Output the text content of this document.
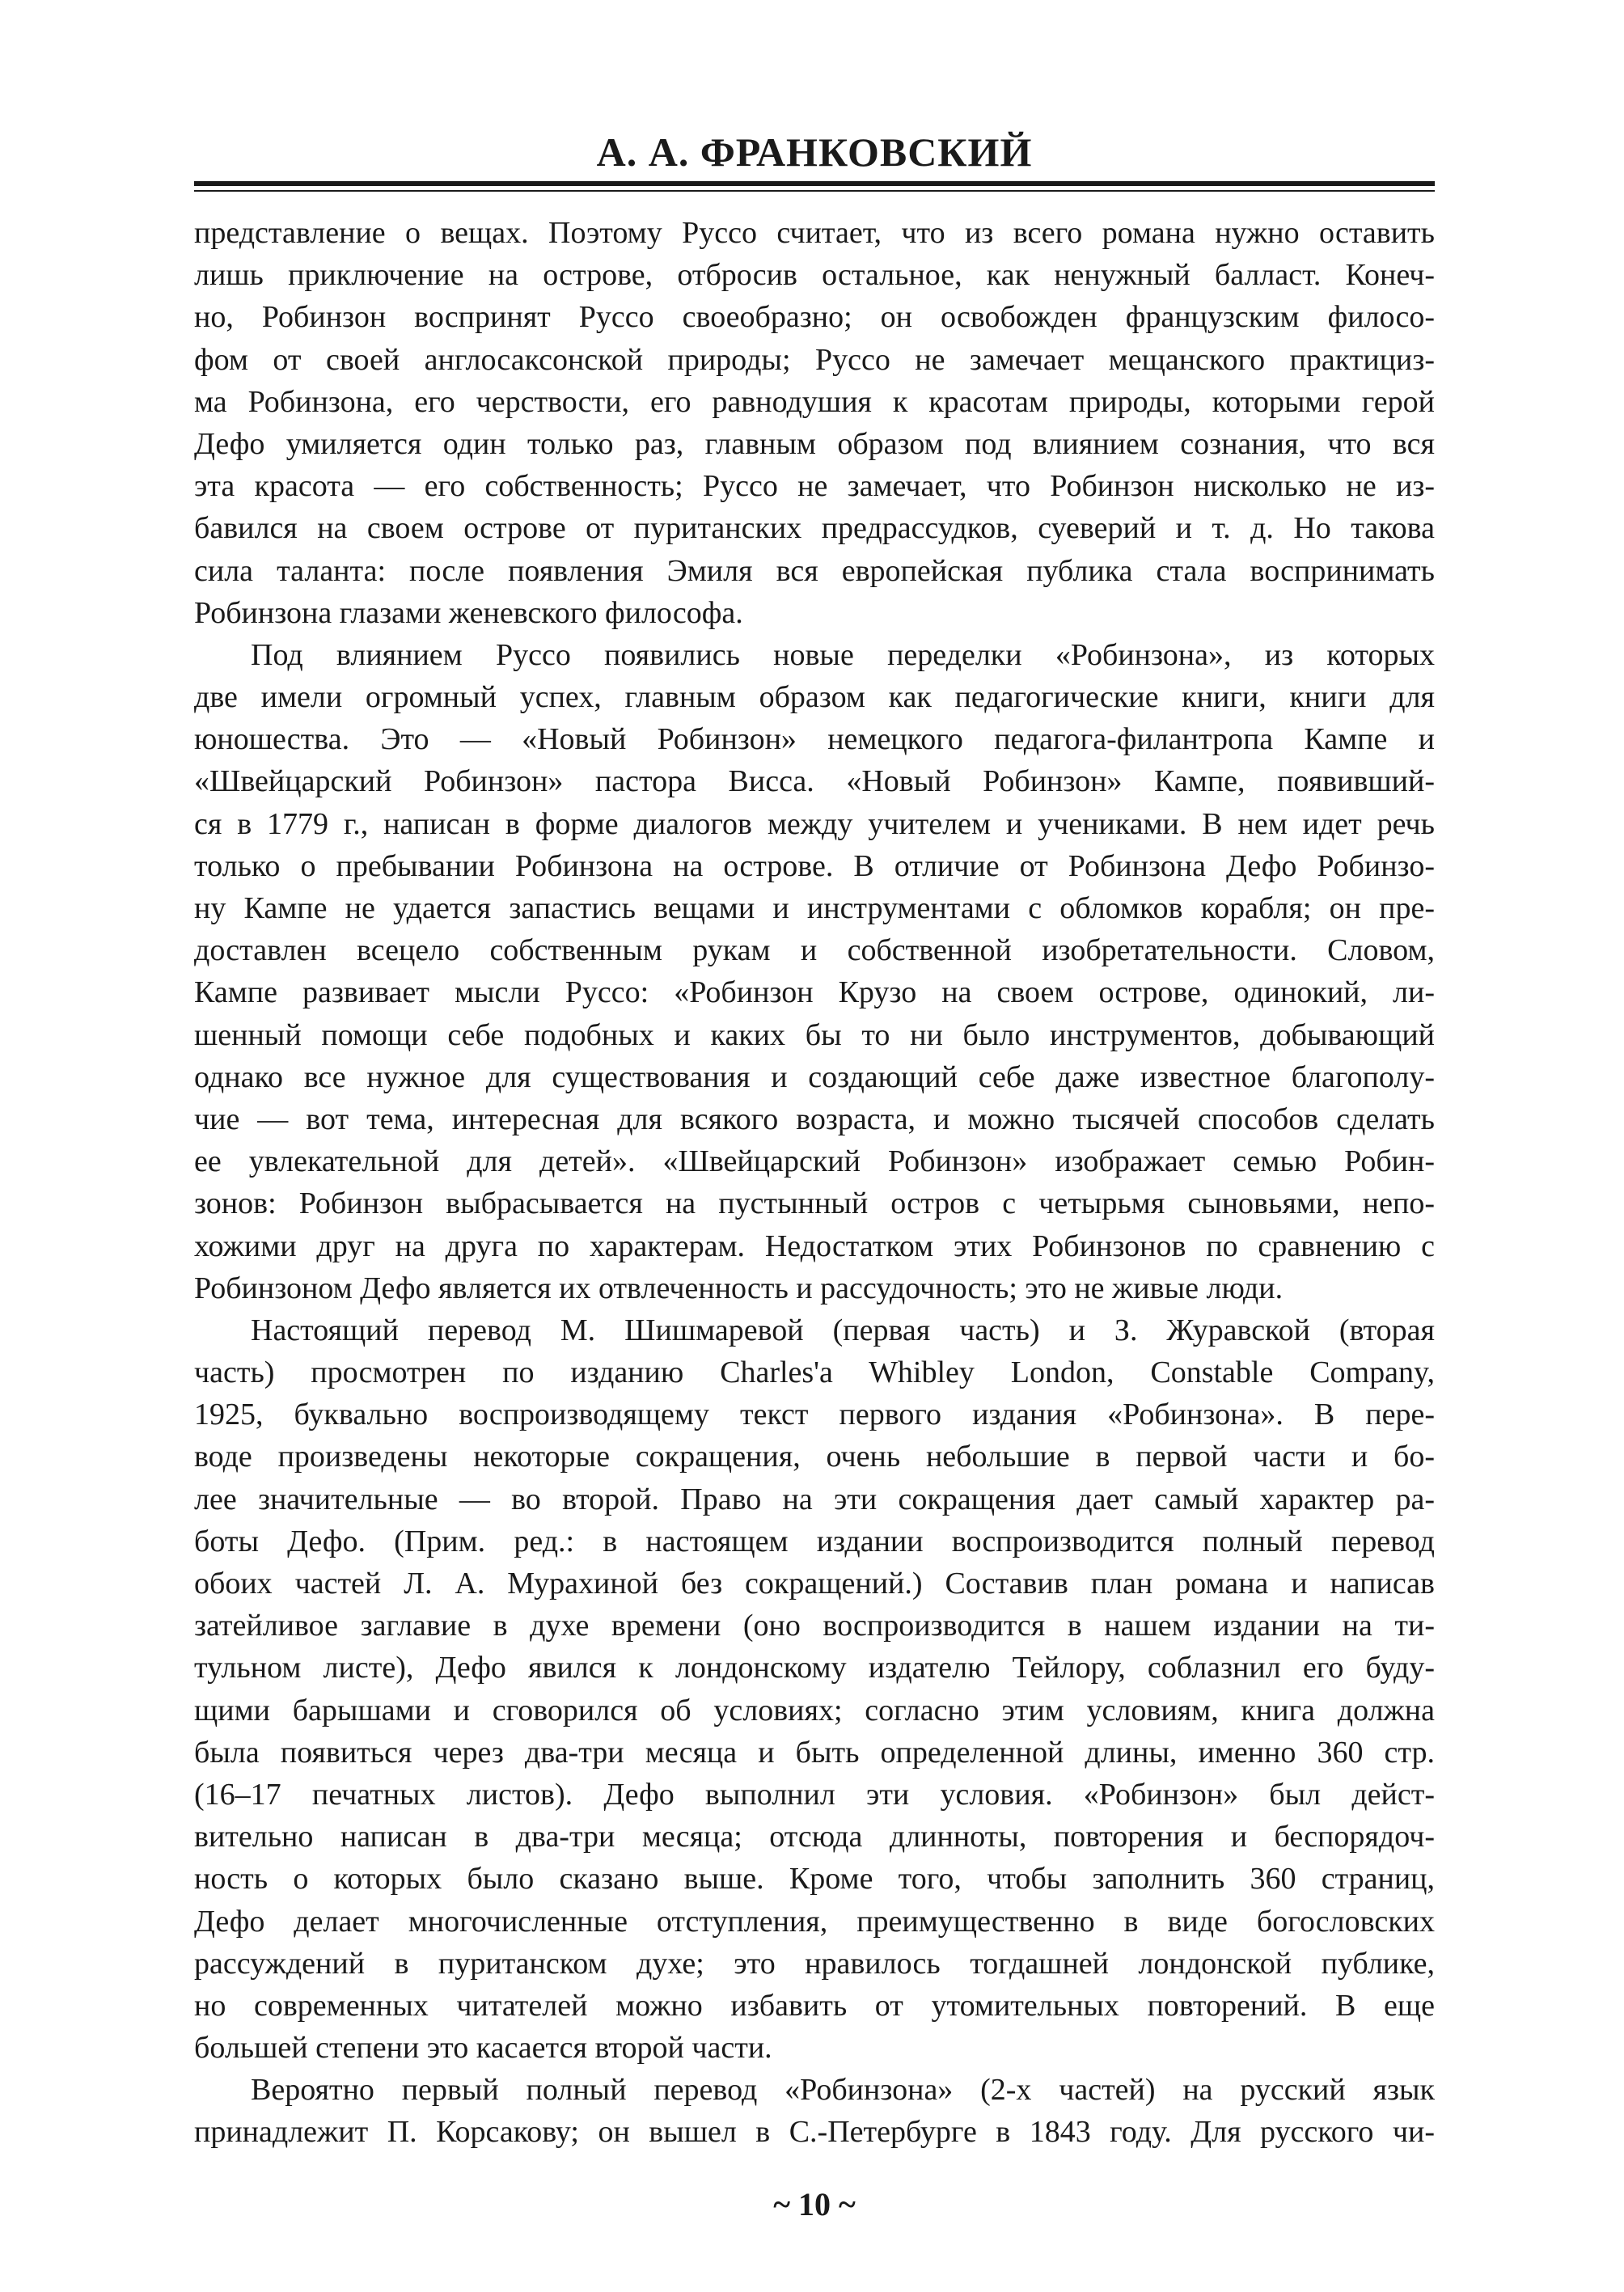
А. А. ФРАНКОВСКИЙ
представление о вещах. Поэтому Руссо считает, что из всего романа нужно оставить
лишь приключение на острове, отбросив остальное, как ненужный балласт. Конеч-
но, Робинзон воспринят Руссо своеобразно; он освобожден французским филосо-
фом от своей англосаксонской природы; Руссо не замечает мещанского практициз-
ма Робинзона, его черствости, его равнодушия к красотам природы, которыми герой
Дефо умиляется один только раз, главным образом под влиянием сознания, что вся
эта красота — его собственность; Руссо не замечает, что Робинзон нисколько не из-
бавился на своем острове от пуританских предрассудков, суеверий и т. д. Но такова
сила таланта: после появления Эмиля вся европейская публика стала воспринимать
Робинзона глазами женевского философа.
Под влиянием Руссо появились новые переделки «Робинзона», из которых
две имели огромный успех, главным образом как педагогические книги, книги для
юношества. Это — «Новый Робинзон» немецкого педагога-филантропа Кампе и
«Швейцарский Робинзон» пастора Висса. «Новый Робинзон» Кампе, появивший-
ся в 1779 г., написан в форме диалогов между учителем и учениками. В нем идет речь
только о пребывании Робинзона на острове. В отличие от Робинзона Дефо Робинзо-
ну Кампе не удается запастись вещами и инструментами с обломков корабля; он пре-
доставлен всецело собственным рукам и собственной изобретательности. Словом,
Кампе развивает мысли Руссо: «Робинзон Крузо на своем острове, одинокий, ли-
шенный помощи себе подобных и каких бы то ни было инструментов, добывающий
однако все нужное для существования и создающий себе даже известное благополу-
чие — вот тема, интересная для всякого возраста, и можно тысячей способов сделать
ее увлекательной для детей». «Швейцарский Робинзон» изображает семью Робин-
зонов: Робинзон выбрасывается на пустынный остров с четырьмя сыновьями, непо-
хожими друг на друга по характерам. Недостатком этих Робинзонов по сравнению с
Робинзоном Дефо является их отвлеченность и рассудочность; это не живые люди.
Настоящий перевод М. Шишмаревой (первая часть) и З. Журавской (вторая
часть) просмотрен по изданию Charles'a Whibley London, Constable Company,
1925, буквально воспроизводящему текст первого издания «Робинзона». В пере-
воде произведены некоторые сокращения, очень небольшие в первой части и бо-
лее значительные — во второй. Право на эти сокращения дает самый характер ра-
боты Дефо. (Прим. ред.: в настоящем издании воспроизводится полный перевод
обоих частей Л. А. Мурахиной без сокращений.) Составив план романа и написав
затейливое заглавие в духе времени (оно воспроизводится в нашем издании на ти-
тульном листе), Дефо явился к лондонскому издателю Тейлору, соблазнил его буду-
щими барышами и сговорился об условиях; согласно этим условиям, книга должна
была появиться через два-три месяца и быть определенной длины, именно 360 стр.
(16–17 печатных листов). Дефо выполнил эти условия. «Робинзон» был дейст-
вительно написан в два-три месяца; отсюда длинноты, повторения и беспорядоч-
ность о которых было сказано выше. Кроме того, чтобы заполнить 360 страниц,
Дефо делает многочисленные отступления, преимущественно в виде богословских
рассуждений в пуританском духе; это нравилось тогдашней лондонской публике,
но современных читателей можно избавить от утомительных повторений. В еще
большей степени это касается второй части.
Вероятно первый полный перевод «Робинзона» (2-х частей) на русский язык
принадлежит П. Корсакову; он вышел в С.-Петербурге в 1843 году. Для русского чи-
~ 10 ~
